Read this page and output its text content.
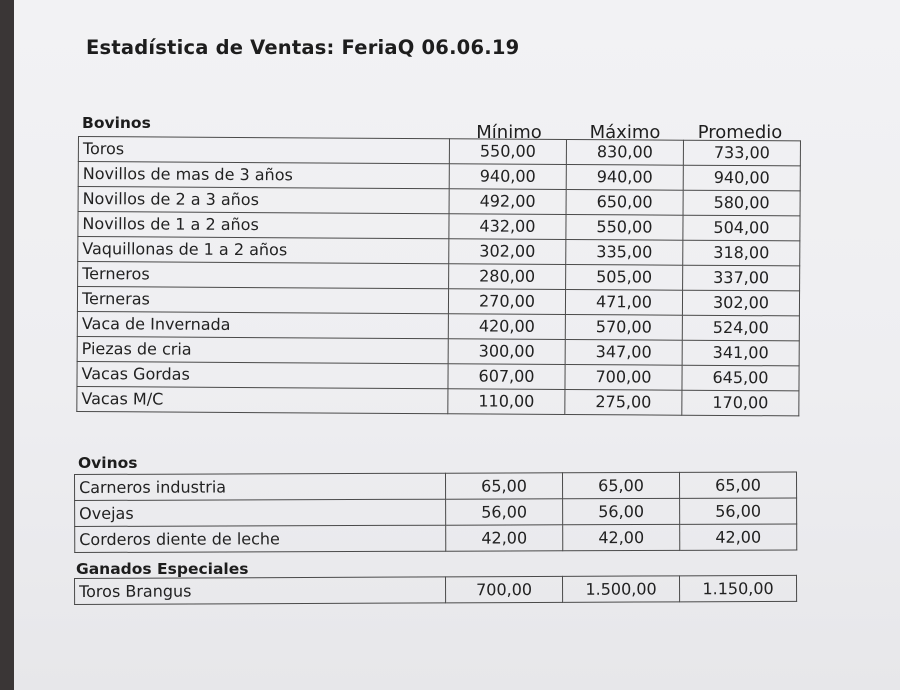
Estadística de Ventas: FeriaQ 06.06.19
Bovinos	Mínimo	Máximo	Promedio
Toros	550,00	830,00	733,00
Novillos de mas de 3 años	940,00	940,00	940,00
Novillos de 2 a 3 años	492,00	650,00	580,00
Novillos de 1 a 2 años	432,00	550,00	504,00
Vaquillonas de 1 a 2 años	302,00	335,00	318,00
Terneros	280,00	505,00	337,00
Terneras	270,00	471,00	302,00
Vaca de Invernada	420,00	570,00	524,00
Piezas de cria	300,00	347,00	341,00
Vacas Gordas	607,00	700,00	645,00
Vacas M/C	110,00	275,00	170,00
Ovinos
Carneros industria	65,00	65,00	65,00
Ovejas	56,00	56,00	56,00
Corderos diente de leche	42,00	42,00	42,00
Ganados Especiales
Toros Brangus	700,00	1.500,00	1.150,00
